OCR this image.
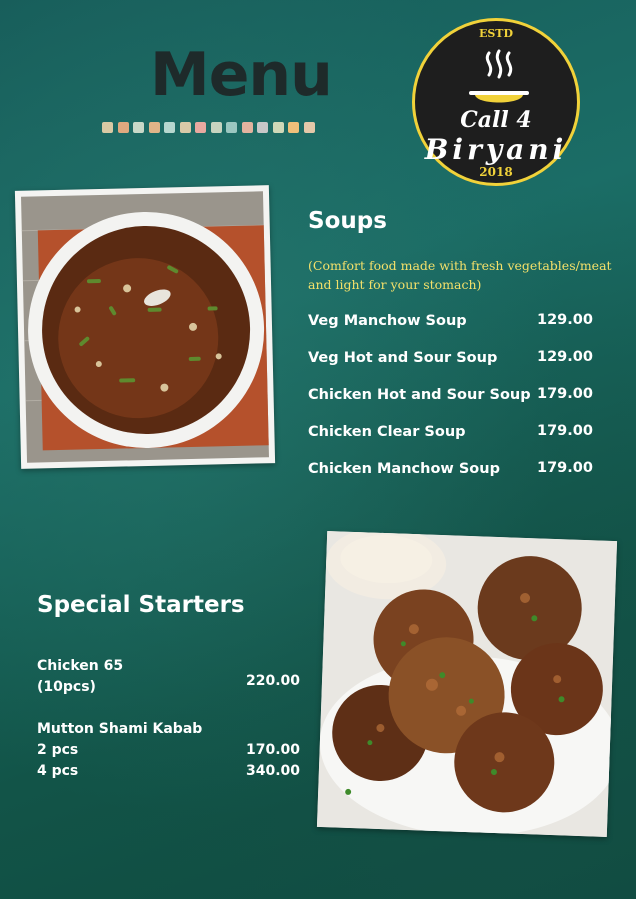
Menu
ESTD
Call 4
Biryani
2018
Soups
(Comfort food made with fresh vegetables/meat and light for your stomach)
Veg Manchow Soup	129.00
Veg Hot and Sour Soup	129.00
Chicken Hot and Sour Soup 179.00
Chicken Clear Soup	179.00
Chicken Manchow Soup	179.00
Special Starters
Chicken 65
(10pcs)	220.00
Mutton Shami Kabab
2 pcs	170.00
4 pcs	340.00
